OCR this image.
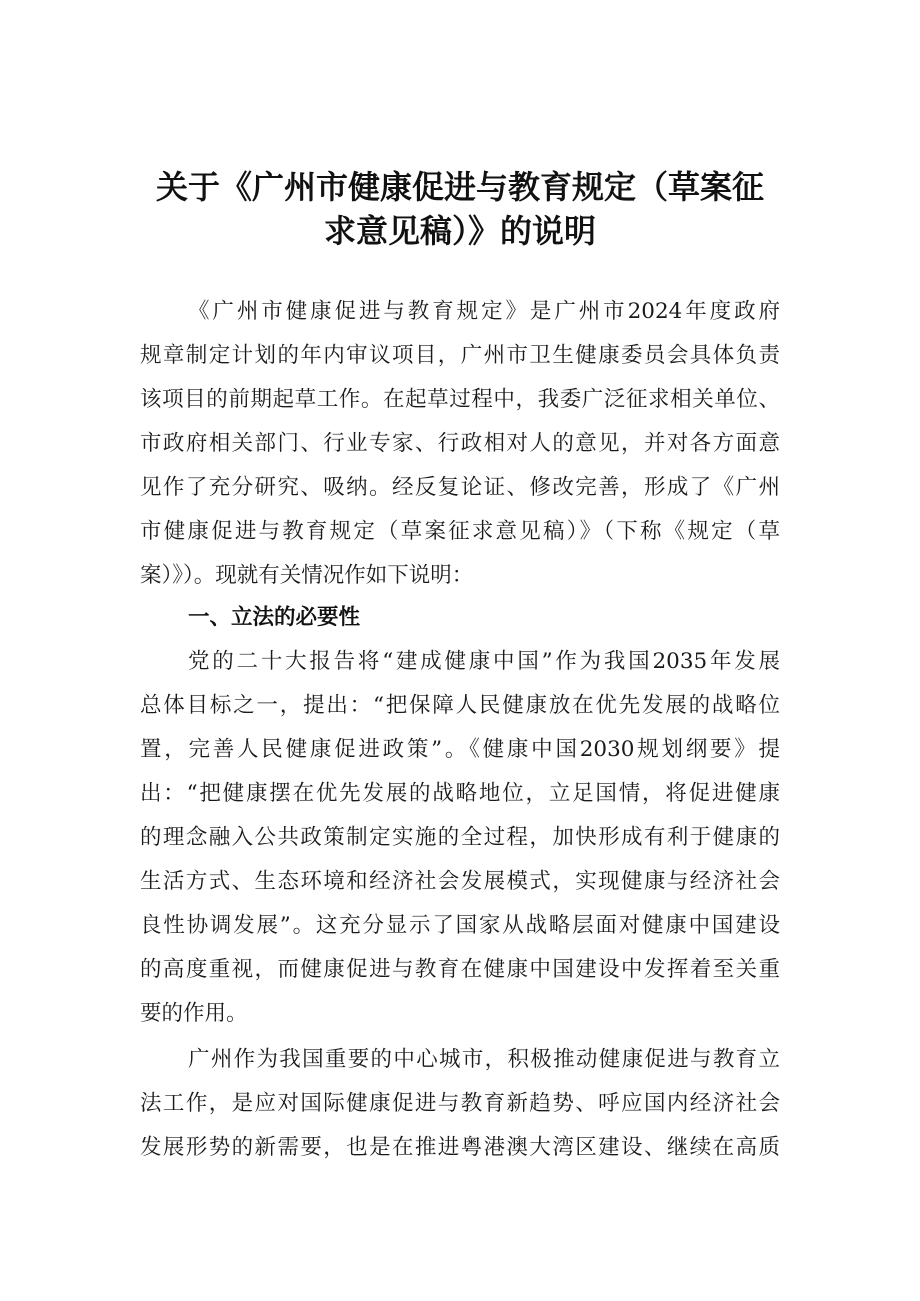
关于《广州市健康促进与教育规定（草案征
求意见稿）》的说明
《广州市健康促进与教育规定》是广州市2024年度政府
规章制定计划的年内审议项目，广州市卫生健康委员会具体负责
该项目的前期起草工作。在起草过程中，我委广泛征求相关单位、
市政府相关部门、行业专家、行政相对人的意见，并对各方面意
见作了充分研究、吸纳。经反复论证、修改完善，形成了《广州
市健康促进与教育规定（草案征求意见稿）》（下称《规定（草
案）》）。现就有关情况作如下说明：
一、立法的必要性
党的二十大报告将“建成健康中国”作为我国2035年发展
总体目标之一，提出：“把保障人民健康放在优先发展的战略位
置，完善人民健康促进政策”。《健康中国2030规划纲要》提
出：“把健康摆在优先发展的战略地位，立足国情，将促进健康
的理念融入公共政策制定实施的全过程，加快形成有利于健康的
生活方式、生态环境和经济社会发展模式，实现健康与经济社会
良性协调发展”。这充分显示了国家从战略层面对健康中国建设
的高度重视，而健康促进与教育在健康中国建设中发挥着至关重
要的作用。
广州作为我国重要的中心城市，积极推动健康促进与教育立
法工作，是应对国际健康促进与教育新趋势、呼应国内经济社会
发展形势的新需要，也是在推进粤港澳大湾区建设、继续在高质
